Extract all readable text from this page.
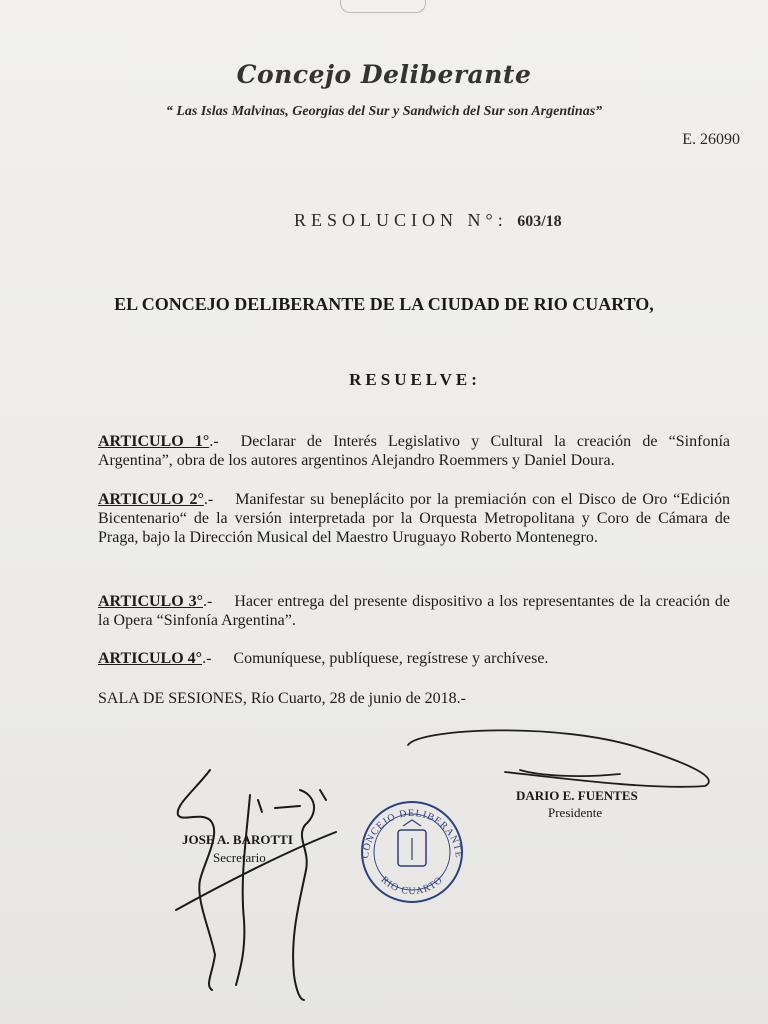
Concejo Deliberante
“ Las Islas Malvinas, Georgias del Sur y Sandwich del Sur son Argentinas”
E. 26090
RESOLUCION N°: 603/18
EL CONCEJO DELIBERANTE DE LA CIUDAD DE RIO CUARTO,
RESUELVE:
ARTICULO 1°.- Declarar de Interés Legislativo y Cultural la creación de “Sinfonía Argentina”, obra de los autores argentinos Alejandro Roemmers y Daniel Doura.
ARTICULO 2°.- Manifestar su beneplácito por la premiación con el Disco de Oro “Edición Bicentenario“ de la versión interpretada por la Orquesta Metropolitana y Coro de Cámara de Praga, bajo la Dirección Musical del Maestro Uruguayo Roberto Montenegro.
ARTICULO 3°.- Hacer entrega del presente dispositivo a los representantes de la creación de la Opera “Sinfonía Argentina”.
ARTICULO 4°.- Comuníquese, publíquese, regístrese y archívese.
SALA DE SESIONES, Río Cuarto, 28 de junio de 2018.-
CONCEJO DELIBERANTE
RIO CUARTO
DARIO E. FUENTES
Presidente
JOSE A. BAROTTI
Secretario
